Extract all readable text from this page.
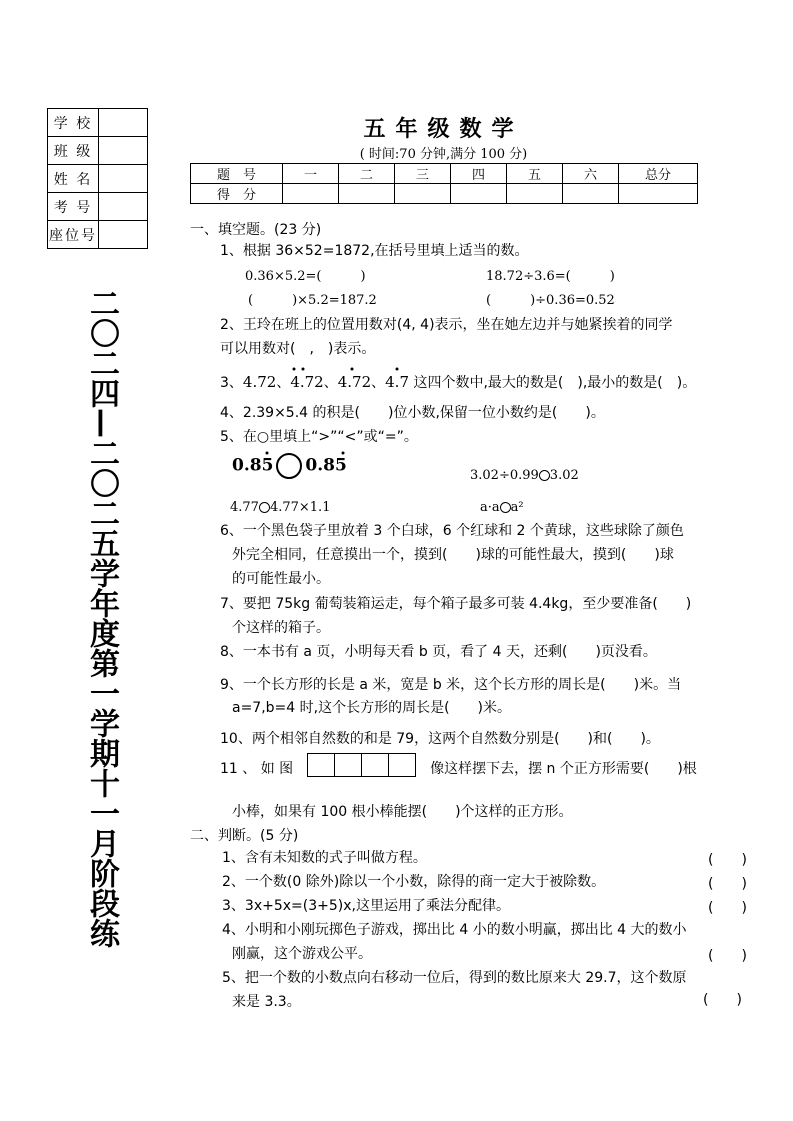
学 校	
班 级	
姓 名	
考 号	
座位号	
二〇二四—二〇二五学年度第一学期十一月阶段练
五年级数学
( 时间:70 分钟,满分 100 分)
题　号	一	二	三	四	五	六	总分
得　分							
一、填空题。(23 分)
1、根据 36×52=1872,在括号里填上适当的数。
0.36×5.2=(　　　)	18.72÷3.6=(　　　)
(　　　)×5.2=187.2	(　　　)÷0.36=0.52
2、王玲在班上的位置用数对(4, 4)表示，坐在她左边并与她紧挨着的同学
可以用数对(　,　)表示。
3、4.72、4.72、4.72、4.7 这四个数中,最大的数是(　),最小的数是(　)。
4、2.39×5.4 的积是(　　)位小数,保留一位小数约是(　　)。
5、在○里填上“>”“<”或“=”。
0.85 0.85	3.02÷0.99 3.02
4.77 4.77×1.1	a·a a²
6、一个黑色袋子里放着 3 个白球，6 个红球和 2 个黄球，这些球除了颜色
外完全相同，任意摸出一个，摸到(　　)球的可能性最大，摸到(　　)球
的可能性最小。
7、要把 75kg 葡萄装箱运走，每个箱子最多可装 4.4kg，至少要准备(　　)
个这样的箱子。
8、一本书有 a 页，小明每天看 b 页，看了 4 天，还剩(　　)页没看。
9、一个长方形的长是 a 米，宽是 b 米，这个长方形的周长是(　　)米。当
a=7,b=4 时,这个长方形的周长是(　　)米。
10、两个相邻自然数的和是 79，这两个自然数分别是(　　)和(　　)。
11 、 如 图	像这样摆下去，摆 n 个正方形需要(　　)根
小棒，如果有 100 根小棒能摆(　　)个这样的正方形。
二、判断。(5 分)
1、含有未知数的式子叫做方程。	(　　)
2、一个数(0 除外)除以一个小数，除得的商一定大于被除数。	(　　)
3、3x+5x=(3+5)x,这里运用了乘法分配律。	(　　)
4、小明和小刚玩掷色子游戏，掷出比 4 小的数小明赢，掷出比 4 大的数小
刚赢，这个游戏公平。	(　　)
5、把一个数的小数点向右移动一位后，得到的数比原来大 29.7，这个数原
来是 3.3。	(　　)
